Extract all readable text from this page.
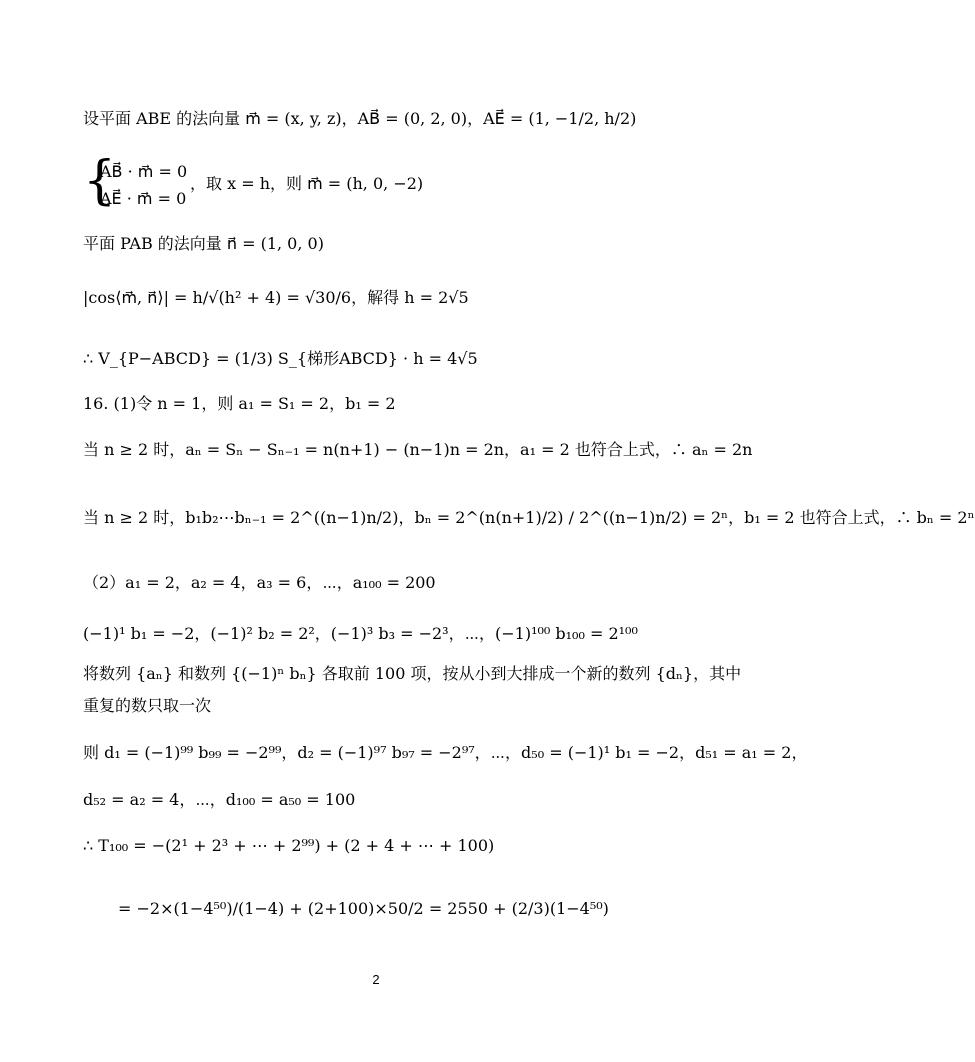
设平面 ABE 的法向量 m⃗ = (x, y, z)，AB⃗ = (0, 2, 0)，AE⃗ = (1, −1/2, h/2)
{
AB⃗ · m⃗ = 0
AE⃗ · m⃗ = 0
，取 x = h，则 m⃗ = (h, 0, −2)
平面 PAB 的法向量 n⃗ = (1, 0, 0)
|cos⟨m⃗, n⃗⟩| = h/√(h² + 4) = √30/6，解得 h = 2√5
∴ V_{P−ABCD} = (1/3) S_{梯形ABCD} · h = 4√5
16. (1)令 n = 1，则 a₁ = S₁ = 2，b₁ = 2
当 n ≥ 2 时，aₙ = Sₙ − Sₙ₋₁ = n(n+1) − (n−1)n = 2n，a₁ = 2 也符合上式，∴ aₙ = 2n
当 n ≥ 2 时，b₁b₂⋯bₙ₋₁ = 2^((n−1)n/2)，bₙ = 2^(n(n+1)/2) / 2^((n−1)n/2) = 2ⁿ，b₁ = 2 也符合上式，∴ bₙ = 2ⁿ
（2）a₁ = 2，a₂ = 4，a₃ = 6，⋯，a₁₀₀ = 200
(−1)¹ b₁ = −2，(−1)² b₂ = 2²，(−1)³ b₃ = −2³，⋯，(−1)¹⁰⁰ b₁₀₀ = 2¹⁰⁰
将数列 {aₙ} 和数列 {(−1)ⁿ bₙ} 各取前 100 项，按从小到大排成一个新的数列 {dₙ}，其中
重复的数只取一次
则 d₁ = (−1)⁹⁹ b₉₉ = −2⁹⁹，d₂ = (−1)⁹⁷ b₉₇ = −2⁹⁷，⋯，d₅₀ = (−1)¹ b₁ = −2，d₅₁ = a₁ = 2，
d₅₂ = a₂ = 4，⋯，d₁₀₀ = a₅₀ = 100
∴ T₁₀₀ = −(2¹ + 2³ + ⋯ + 2⁹⁹) + (2 + 4 + ⋯ + 100)
= −2×(1−4⁵⁰)/(1−4) + (2+100)×50/2 = 2550 + (2/3)(1−4⁵⁰)
2
